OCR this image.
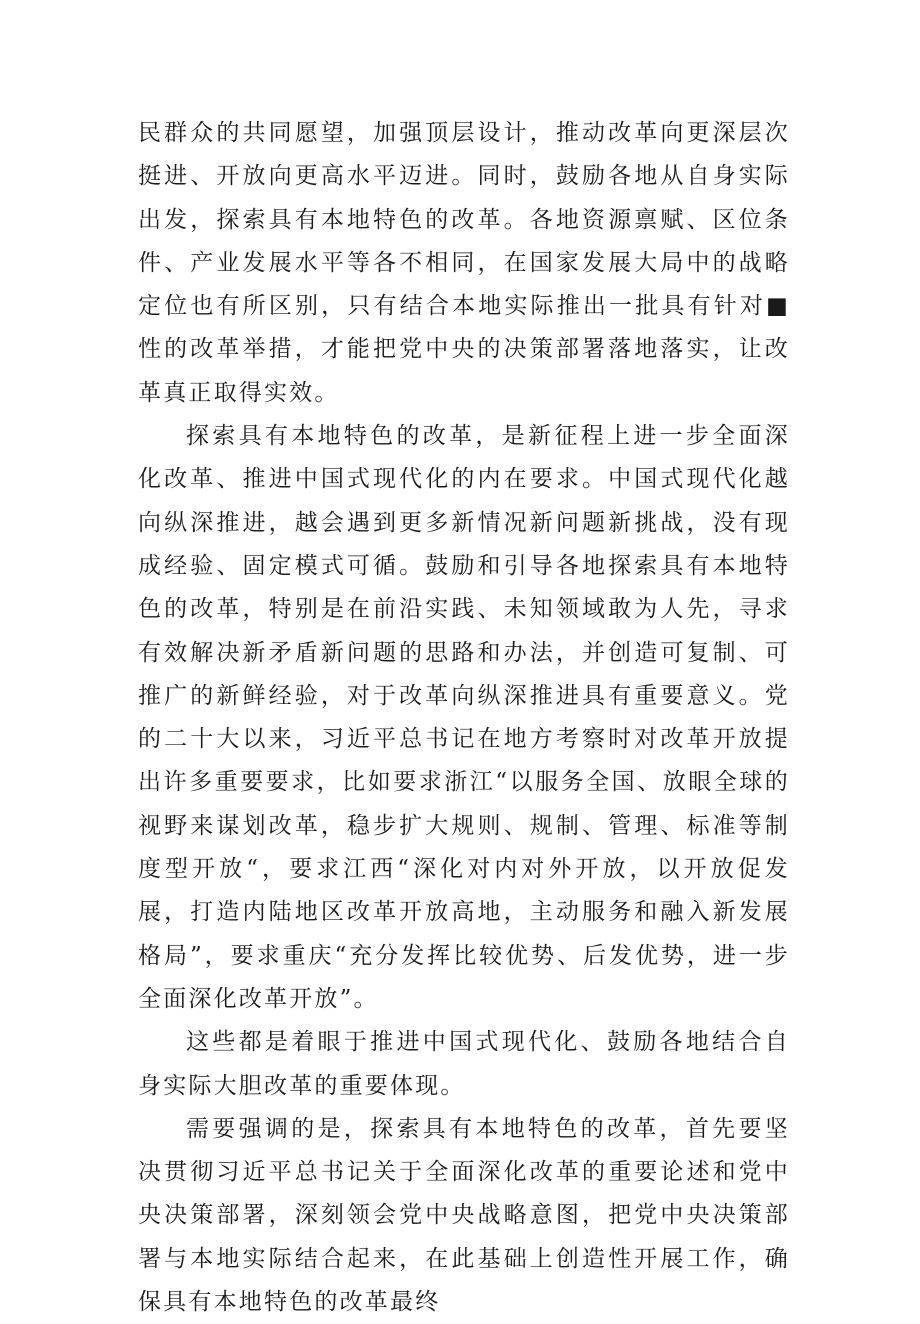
民群众的共同愿望，加强顶层设计，推动改革向更深层次挺进、开放向更高水平迈进。同时，鼓励各地从自身实际出发，探索具有本地特色的改革。各地资源禀赋、区位条件、产业发展水平等各不相同，在国家发展大局中的战略定位也有所区别，只有结合本地实际推出一批具有针对■性的改革举措，才能把党中央的决策部署落地落实，让改革真正取得实效。

探索具有本地特色的改革，是新征程上进一步全面深化改革、推进中国式现代化的内在要求。中国式现代化越向纵深推进，越会遇到更多新情况新问题新挑战，没有现成经验、固定模式可循。鼓励和引导各地探索具有本地特色的改革，特别是在前沿实践、未知领域敢为人先，寻求有效解决新矛盾新问题的思路和办法，并创造可复制、可推广的新鲜经验，对于改革向纵深推进具有重要意义。党的二十大以来，习近平总书记在地方考察时对改革开放提出许多重要要求，比如要求浙江“以服务全国、放眼全球的视野来谋划改革，稳步扩大规则、规制、管理、标准等制度型开放“，要求江西“深化对内对外开放，以开放促发展，打造内陆地区改革开放高地，主动服务和融入新发展格局”，要求重庆“充分发挥比较优势、后发优势，进一步全面深化改革开放”。

这些都是着眼于推进中国式现代化、鼓励各地结合自身实际大胆改革的重要体现。

需要强调的是，探索具有本地特色的改革，首先要坚决贯彻习近平总书记关于全面深化改革的重要论述和党中央决策部署，深刻领会党中央战略意图，把党中央决策部署与本地实际结合起来，在此基础上创造性开展工作，确保具有本地特色的改革最终
